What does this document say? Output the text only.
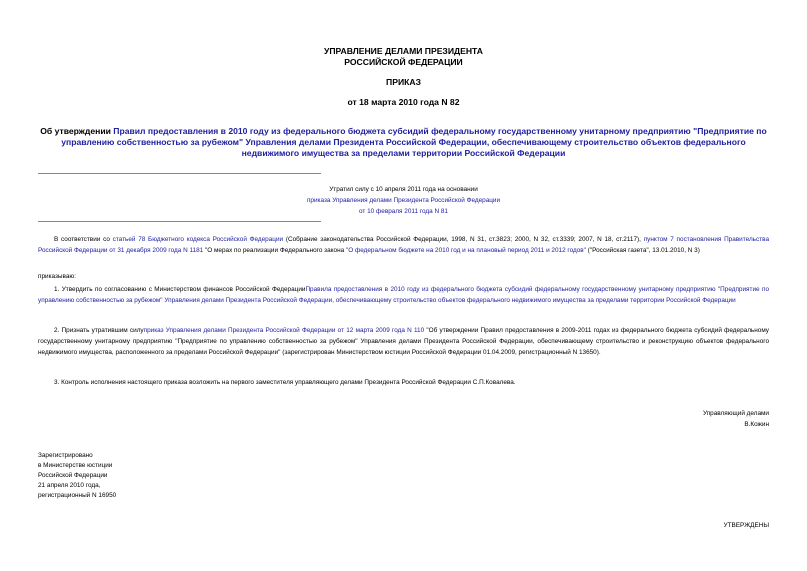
УПРАВЛЕНИЕ ДЕЛАМИ ПРЕЗИДЕНТА
РОССИЙСКОЙ ФЕДЕРАЦИИ
ПРИКАЗ
от 18 марта 2010 года N 82
Об утверждении Правил предоставления в 2010 году из федерального бюджета субсидий федеральному государственному унитарному предприятию "Предприятие по управлению собственностью за рубежом" Управления делами Президента Российской Федерации, обеспечивающему строительство объектов федерального недвижимого имущества за пределами территории Российской Федерации
Утратил силу с 10 апреля 2011 года на основании
приказа Управления делами Президента Российской Федерации
от 10 февраля 2011 года N 81

В соответствии со статьей 78 Бюджетного кодекса Российской Федерации (Собрание законодательства Российской Федерации, 1998, N 31, ст.3823; 2000, N 32, ст.3339; 2007, N 18, ст.2117), пунктом 7 постановления Правительства Российской Федерации от 31 декабря 2009 года N 1181 "О мерах по реализации Федерального закона "О федеральном бюджете на 2010 год и на плановый период 2011 и 2012 годов" ("Российская газета", 13.01.2010, N 3)

приказываю:

1. Утвердить по согласованию с Министерством финансов Российской ФедерацииПравила предоставления в 2010 году из федерального бюджета субсидий федеральному государственному унитарному предприятию "Предприятие по управлению собственностью за рубежом" Управления делами Президента Российской Федерации, обеспечивающему строительство объектов федерального недвижимого имущества за пределами территории Российской Федерации

2. Признать утратившим силуприказ Управления делами Президента Российской Федерации от 12 марта 2009 года N 110 "Об утверждении Правил предоставления в 2009-2011 годах из федерального бюджета субсидий федеральному государственному унитарному предприятию "Предприятие по управлению собственностью за рубежом" Управления делами Президента Российской Федерации, обеспечивающему строительство и реконструкцию объектов федерального недвижимого имущества, расположенного за пределами Российской Федерации" (зарегистрирован Министерством юстиции Российской Федерации 01.04.2009, регистрационный N 13650).

3. Контроль исполнения настоящего приказа возложить на первого заместителя управляющего делами Президента Российской Федерации С.П.Ковалева.

Управляющий делами
В.Кожин
Зарегистрировано
в Министерстве юстиции
Российской Федерации
21 апреля 2010 года,
регистрационный N 16950
УТВЕРЖДЕНЫ
